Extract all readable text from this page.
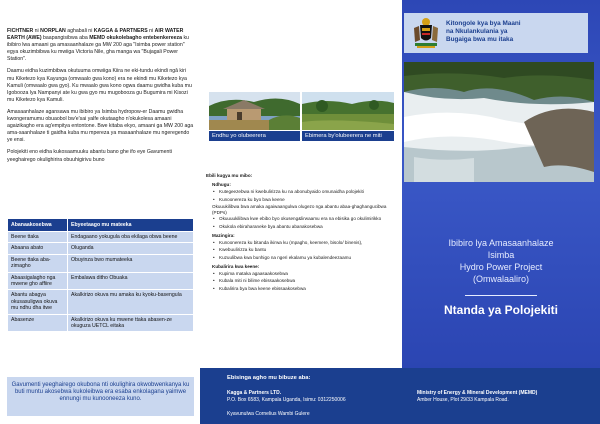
FICHTNER ni NORPLAN aghabali ni KAGGA & PARTNERS ni AIR WATER EARTH (AWE) baapangisibwa aba MEMD okukolebagho entebenkereeza ku ibibiro lwa amaani ga amasaanhalaze ga MW 200 aga "Isimba power station" egya okuzimbibwa ku mwiiga Victoria Nile, gha manga wa "Bujagali Power Station".

Daamu eidha kuzimbibwa okutuuma omwiiga Kiira ne eki-tundu ekindi ngâ kiri mu Kiketezo kya Kayunga (omwaalo gwa kono) era ne ekindi mu Kiketezo kya Kamuli (omwaalo gwa gyo). Ku mwaalo gwa kono ogwa daamu gwidha kuba mu Igobooza lya Nampanyi ate ku gwa gyo mu mugobooza gu Bugumira mi Kisozi mu Kiketezo kya Kamuli.

Amasaanhalaze agansawa mu ibibiro ya Isimba hydropow-er Daamu gwidha kwongeramumu obuaobol bw'e'sai yalfe okutaagho n'okukolesa amaani agaizikagho era ag'empitya entontone. Bwe kitaba ekyo, amaani ga MW 200 aga ama-saanhalaze ti gaidha kuba mu mpereza ya masaanhalaze mu ngeregendo ye ensi.

Polojekiti eno eidha kukosaamuuku abantu bano ghe ifo eye Gavumenti yeeghairego okulighirira obuuhigirivu buno

Abanaakosebwa	Ebyeetaago mu mateeka
Beene ttaka	Endagaano yokugula oba ekilaga obwa beene
Abaana abato	Oluganda
Beene ttaka aba-zimagho	Obuyinza bwo mumateeka
Abaasigalagho nga mwene gho affiire	Embalawa ditho Obuaka
Abantu abagya okusasuligwa okuva mu ndhu dha itwe	Akalkirizo okuva mu amaka ku kyoku-basengula
Abasenze	Akalkirizo okuva ku mwene ttaka abasen-ze okuguza UETCL eitaka
Gavumenti yeeghairego okubona nti okulighira okwobwenkanya ku buti muntu akosebwa kukoleibwa era esaba enkolagana yaimwe ennungi mu kunooneeza kuno.
Endhu yo olubeerera	Ebimera by'olubeerera ne miti
Ebili kugya mu mibo:
Ndhugu:
• Kutegeezebwa ni kwebulirizza ku na abonubyaido omunaidha polojekiti
• Kunoonereza ku byo bwa keene
Okuuukilibwa bwa amaka agaiwaangulwa olugezo nga abantu abaa-ghaghangucibwa (PDPs)
• Okuuuukilibwa kwe ebibo byo okuseng&lirwaamu era na ebisika go okulimirikko
• Okukola ebiraharaneke bya abantu abanakosebwa
Mazingira:
• Kunoonereza ku bitanda ikirwa ku (mpagho, keemere, bisolo/ binenis),
• Kwebuulirizza ku bantu
• Kuzuulibwa kwa bunhigo na ngeri ekalamu ya kubalendeezaamu
Kubalirira kwa keene:
• Kupima mataka agaasaakosebwa
• Kubala miti ni bilime ebissaakosebwa
• Kubalirira bya bwa keene ebissaakosebwa
Kitongole kya bya Maani
na Nkulankulania ya
Bugaiga bwa mu itaka
Ibibiro lya Amasaanhalaze
Isimba
Hydro Power Project
(Omwalaaliro)
Ntanda ya Polojekiti
Ebisinga agho mu bibuze aba:
Kagga & Partners LTD.
P.O. Box 6583, Kampala Uganda, Isimu: 0312250006
Kyavunulwa Cornelius Wambi Gulere
Ministry of Energy & Mineral Development (MEMD)
Amber House, Plot 29/33 Kampala Road.
